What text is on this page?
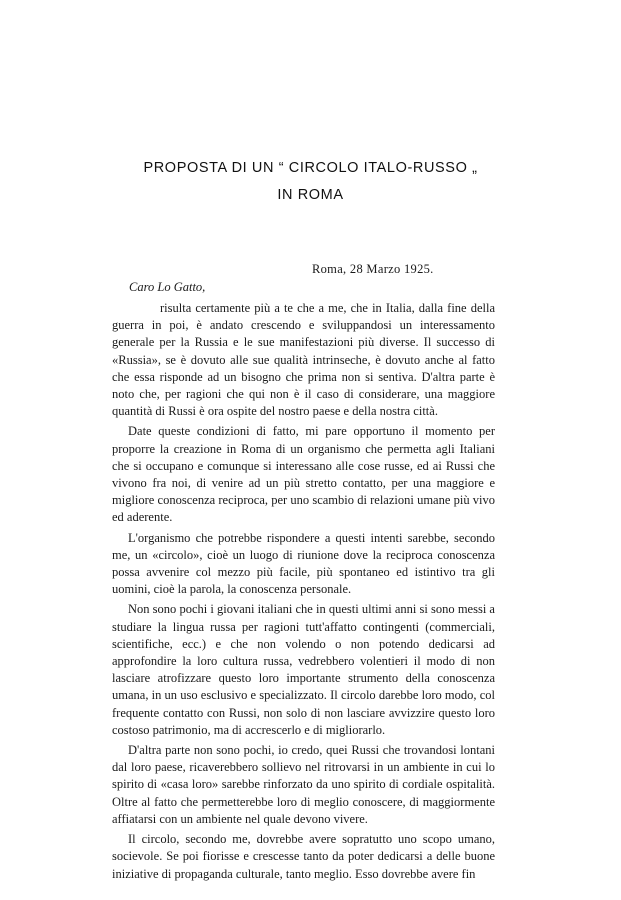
PROPOSTA DI UN “ CIRCOLO ITALO-RUSSO „
IN ROMA
Roma, 28 Marzo 1925.
Caro Lo Gatto,

risulta certamente più a te che a me, che in Italia, dalla fine della guerra in poi, è andato crescendo e sviluppandosi un interessamento generale per la Russia e le sue manifestazioni più diverse. Il successo di «Russia», se è dovuto alle sue qualità intrinseche, è dovuto anche al fatto che essa risponde ad un bisogno che prima non si sentiva. D'altra parte è noto che, per ragioni che qui non è il caso di considerare, una maggiore quantità di Russi è ora ospite del nostro paese e della nostra città.

Date queste condizioni di fatto, mi pare opportuno il momento per proporre la creazione in Roma di un organismo che permetta agli Italiani che si occupano e comunque si interessano alle cose russe, ed ai Russi che vivono fra noi, di venire ad un più stretto contatto, per una maggiore e migliore conoscenza reciproca, per uno scambio di relazioni umane più vivo ed aderente.

L'organismo che potrebbe rispondere a questi intenti sarebbe, secondo me, un «circolo», cioè un luogo di riunione dove la reciproca conoscenza possa avvenire col mezzo più facile, più spontaneo ed istintivo tra gli uomini, cioè la parola, la conoscenza personale.

Non sono pochi i giovani italiani che in questi ultimi anni si sono messi a studiare la lingua russa per ragioni tutt'affatto contingenti (commerciali, scientifiche, ecc.) e che non volendo o non potendo dedicarsi ad approfondire la loro cultura russa, vedrebbero volentieri il modo di non lasciare atrofizzare questo loro importante strumento della conoscenza umana, in un uso esclusivo e specializzato. Il circolo darebbe loro modo, col frequente contatto con Russi, non solo di non lasciare avvizzire questo loro costoso patrimonio, ma di accrescerlo e di migliorarlo.

D'altra parte non sono pochi, io credo, quei Russi che trovandosi lontani dal loro paese, ricaverebbero sollievo nel ritrovarsi in un ambiente in cui lo spirito di «casa loro» sarebbe rinforzato da uno spirito di cordiale ospitalità. Oltre al fatto che permetterebbe loro di meglio conoscere, di maggiormente affiatarsi con un ambiente nel quale devono vivere.

Il circolo, secondo me, dovrebbe avere sopratutto uno scopo umano, socievole. Se poi fiorisse e crescesse tanto da poter dedicarsi a delle buone iniziative di propaganda culturale, tanto meglio. Esso dovrebbe avere fin
